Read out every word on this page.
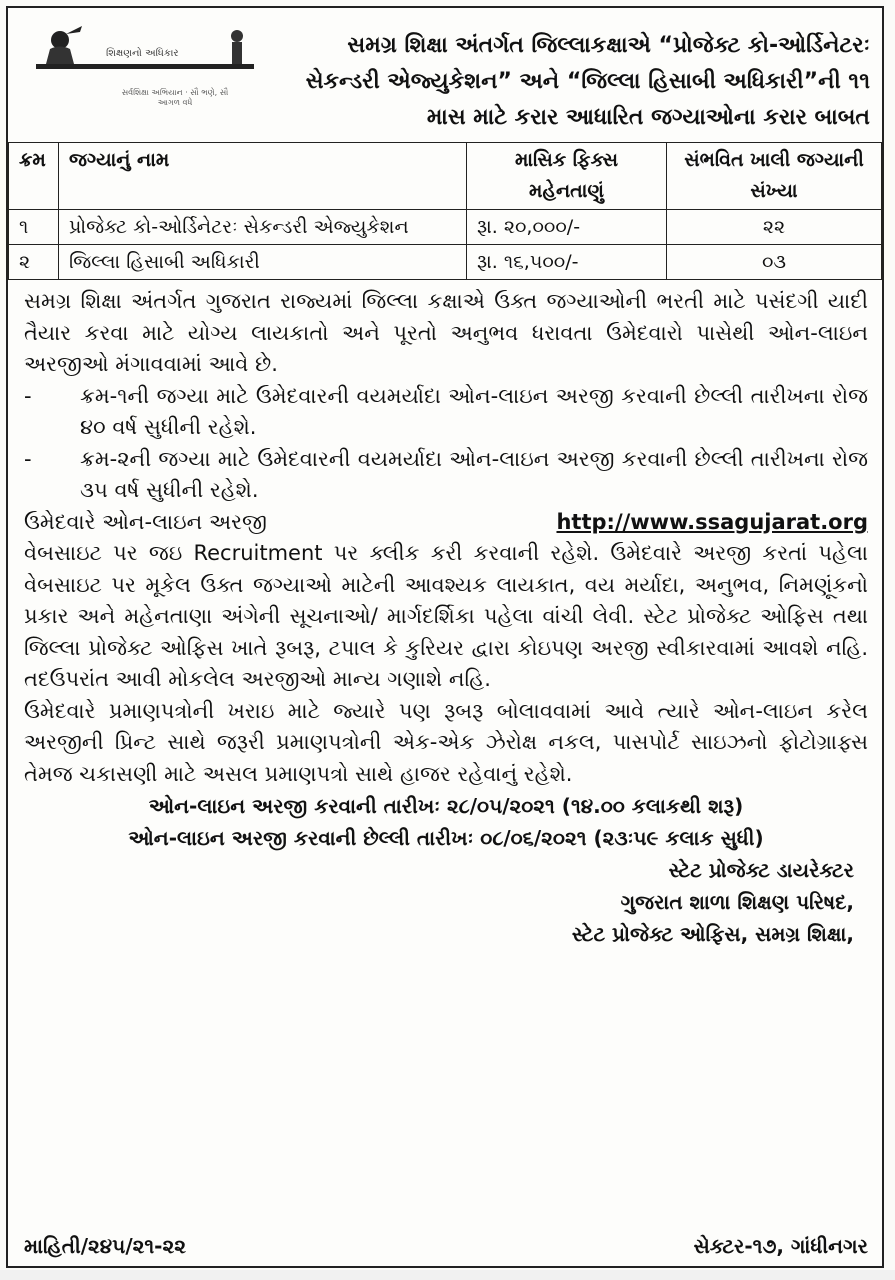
શિક્ષણનો અધિકાર
સર્વશિક્ષા અભિયાન · સૌ ભણે, સૌ આગળ વધે
સમગ્ર શિક્ષા અંતર્ગત જિલ્લાકક્ષાએ “પ્રોજેક્ટ કો-ઓર્ડિનેટરઃ સેકન્ડરી એજ્યુકેશન” અને “જિલ્લા હિસાબી અધિકારી”ની ૧૧ માસ માટે કરાર આધારિત જગ્યાઓના કરાર બાબત
ક્રમ	જગ્યાનું નામ	માસિક ફિક્સ મહેનતાણું	સંભવિત ખાલી જગ્યાની સંખ્યા
૧	પ્રોજેક્ટ કો-ઓર્ડિનેટરઃ સેકન્ડરી એજ્યુકેશન	રૂા. ૨૦,૦૦૦/-	૨૨
૨	જિલ્લા હિસાબી અધિકારી	રૂા. ૧૬,૫૦૦/-	૦૩

સમગ્ર શિક્ષા અંતર્ગત ગુજરાત રાજ્યમાં જિલ્લા કક્ષાએ ઉક્ત જગ્યાઓની ભરતી માટે પસંદગી યાદી તૈયાર કરવા માટે યોગ્ય લાયકાતો અને પૂરતો અનુભવ ધરાવતા ઉમેદવારો પાસેથી ઓન-લાઇન અરજીઓ મંગાવવામાં આવે છે.

-	ક્રમ-૧ની જગ્યા માટે ઉમેદવારની વયમર્યાદા ઓન-લાઇન અરજી કરવાની છેલ્લી તારીખના રોજ ૪૦ વર્ષ સુધીની રહેશે.
-	ક્રમ-૨ની જગ્યા માટે ઉમેદવારની વયમર્યાદા ઓન-લાઇન અરજી કરવાની છેલ્લી તારીખના રોજ ૩૫ વર્ષ સુધીની રહેશે.
ઉમેદવારે ઓન-લાઇન અરજી	http://www.ssagujarat.org

વેબસાઇટ પર જઇ Recruitment પર ક્લીક કરી કરવાની રહેશે. ઉમેદવારે અરજી કરતાં પહેલા વેબસાઇટ પર મૂકેલ ઉક્ત જગ્યાઓ માટેની આવશ્યક લાયકાત, વય મર્યાદા, અનુભવ, નિમણૂંકનો પ્રકાર અને મહેનતાણા અંગેની સૂચનાઓ/ માર્ગદર્શિકા પહેલા વાંચી લેવી. સ્ટેટ પ્રોજેક્ટ ઓફિસ તથા જિલ્લા પ્રોજેક્ટ ઓફિસ ખાતે રૂબરૂ, ટપાલ કે કુરિયર દ્વારા કોઇપણ અરજી સ્વીકારવામાં આવશે નહિ. તદઉપરાંત આવી મોકલેલ અરજીઓ માન્ય ગણાશે નહિ.

ઉમેદવારે પ્રમાણપત્રોની ખરાઇ માટે જ્યારે પણ રૂબરૂ બોલાવવામાં આવે ત્યારે ઓન-લાઇન કરેલ અરજીની પ્રિન્ટ સાથે જરૂરી પ્રમાણપત્રોની એક-એક ઝેરોક્ષ નકલ, પાસપોર્ટ સાઇઝનો ફોટોગ્રાફ્સ તેમજ ચકાસણી માટે અસલ પ્રમાણપત્રો સાથે હાજર રહેવાનું રહેશે.

ઓન-લાઇન અરજી કરવાની તારીખઃ ૨૮/૦૫/૨૦૨૧ (૧૪.૦૦ કલાકથી શરૂ)
ઓન-લાઇન અરજી કરવાની છેલ્લી તારીખઃ ૦૮/૦૬/૨૦૨૧ (૨૩ઃ૫૯ કલાક સુધી)
સ્ટેટ પ્રોજેક્ટ ડાયરેક્ટર
ગુજરાત શાળા શિક્ષણ પરિષદ,
સ્ટેટ પ્રોજેક્ટ ઓફિસ, સમગ્ર શિક્ષા,
માહિતી/૨૪૫/૨૧-૨૨	સેક્ટર-૧૭, ગાંધીનગર
